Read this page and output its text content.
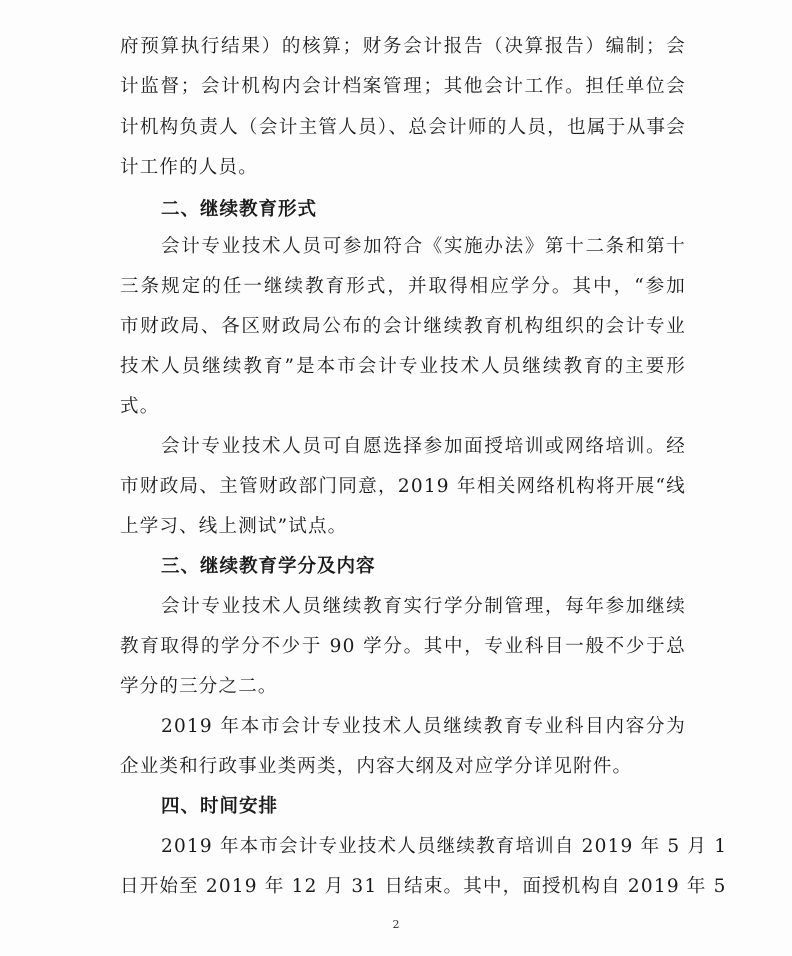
府预算执行结果）的核算；财务会计报告（决算报告）编制；会
计监督；会计机构内会计档案管理；其他会计工作。担任单位会
计机构负责人（会计主管人员）、总会计师的人员，也属于从事会
计工作的人员。
二、继续教育形式
会计专业技术人员可参加符合《实施办法》第十二条和第十
三条规定的任一继续教育形式，并取得相应学分。其中，“参加
市财政局、各区财政局公布的会计继续教育机构组织的会计专业
技术人员继续教育”是本市会计专业技术人员继续教育的主要形
式。
会计专业技术人员可自愿选择参加面授培训或网络培训。经
市财政局、主管财政部门同意，2019 年相关网络机构将开展“线
上学习、线上测试”试点。
三、继续教育学分及内容
会计专业技术人员继续教育实行学分制管理，每年参加继续
教育取得的学分不少于 90 学分。其中，专业科目一般不少于总
学分的三分之二。
2019 年本市会计专业技术人员继续教育专业科目内容分为
企业类和行政事业类两类，内容大纲及对应学分详见附件。
四、时间安排
2019 年本市会计专业技术人员继续教育培训自 2019 年 5 月 1
日开始至 2019 年 12 月 31 日结束。其中，面授机构自 2019 年 5
2
